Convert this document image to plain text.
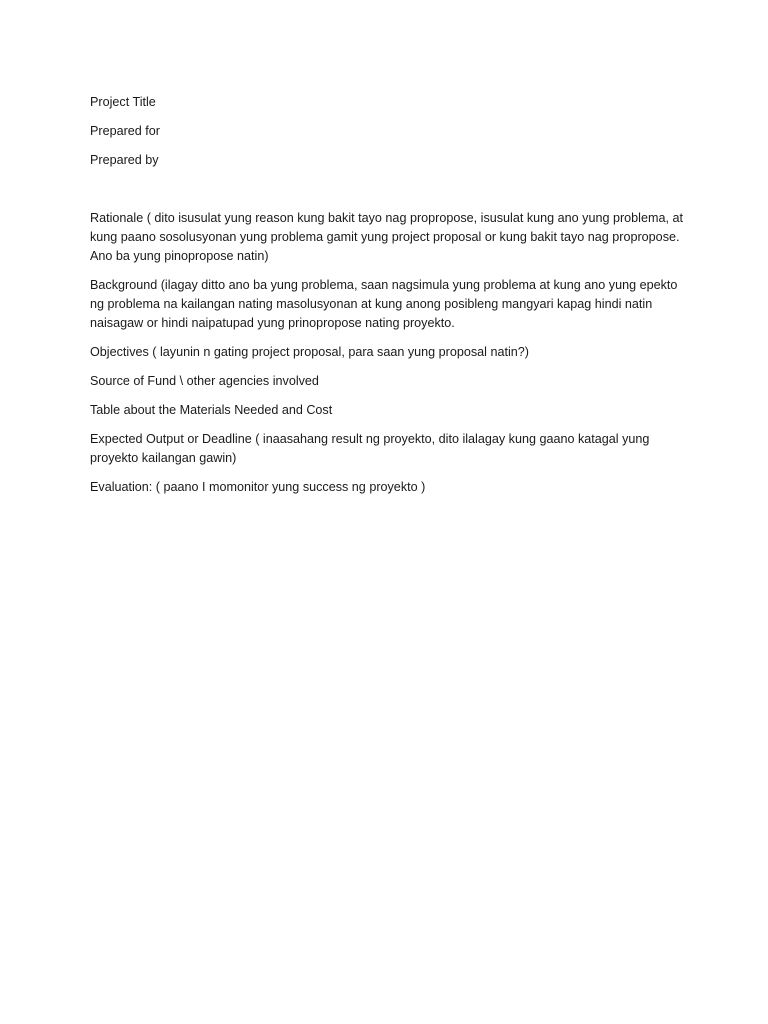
Project Title

Prepared for

Prepared by

Rationale ( dito isusulat yung reason kung bakit tayo nag propropose, isusulat kung ano yung problema, at kung paano sosolusyonan yung problema gamit yung project proposal or kung bakit tayo nag propropose. Ano ba yung pinopropose natin)

Background (ilagay ditto ano ba yung problema, saan nagsimula yung problema at kung ano yung epekto ng problema na kailangan nating masolusyonan at kung anong posibleng mangyari kapag hindi natin naisagaw or hindi naipatupad yung prinopropose nating proyekto.

Objectives ( layunin n gating project proposal, para saan yung proposal natin?)

Source of Fund \ other agencies involved

Table about the Materials Needed and Cost

Expected Output or Deadline ( inaasahang result ng proyekto, dito ilalagay kung gaano katagal yung proyekto kailangan gawin)

Evaluation: ( paano I momonitor yung success ng proyekto )
